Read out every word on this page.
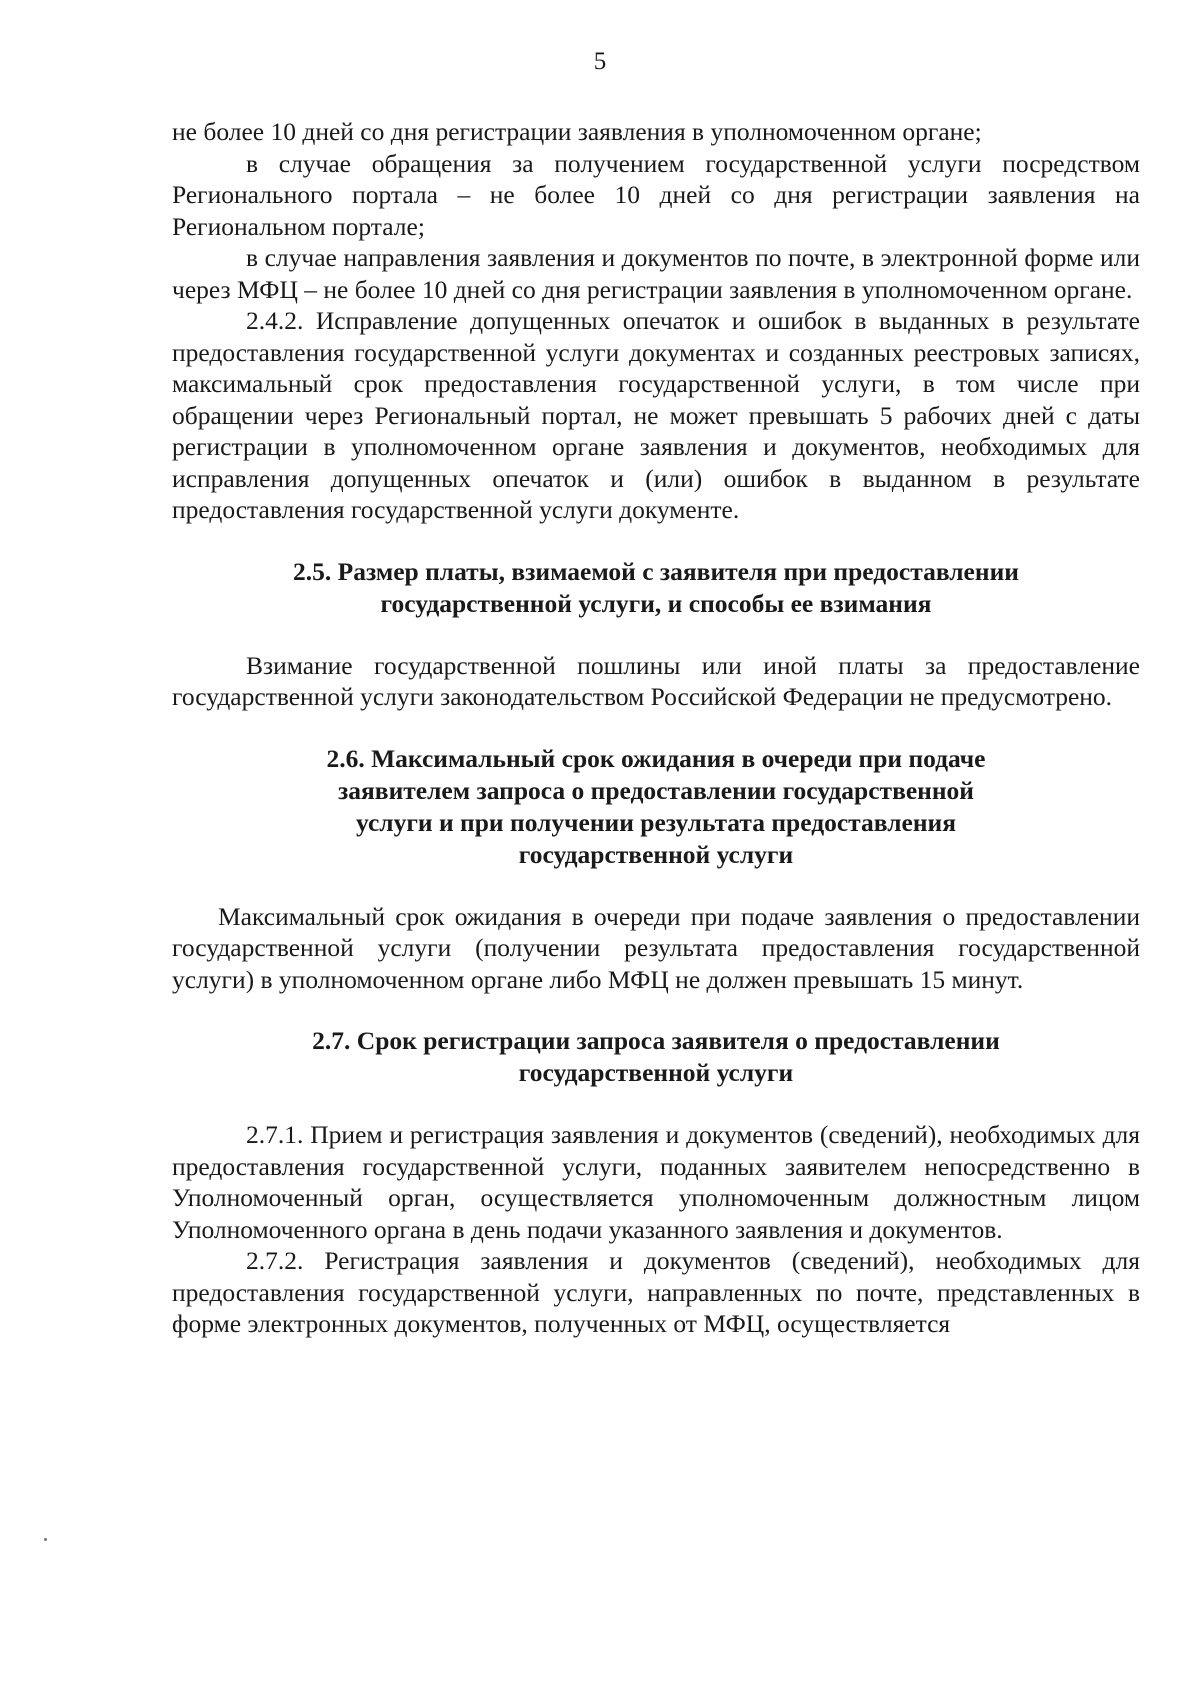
5

не более 10 дней со дня регистрации заявления в уполномоченном органе;

в случае обращения за получением государственной услуги посредством Регионального портала – не более 10 дней со дня регистрации заявления на Региональном портале;

в случае направления заявления и документов по почте, в электронной форме или через МФЦ – не более 10 дней со дня регистрации заявления в уполномоченном органе.

2.4.2. Исправление допущенных опечаток и ошибок в выданных в результате предоставления государственной услуги документах и созданных реестровых записях, максимальный срок предоставления государственной услуги, в том числе при обращении через Региональный портал, не может превышать 5 рабочих дней с даты регистрации в уполномоченном органе заявления и документов, необходимых для исправления допущенных опечаток и (или) ошибок в выданном в результате предоставления государственной услуги документе.

2.5. Размер платы, взимаемой с заявителя при предоставлении
государственной услуги, и способы ее взимания

Взимание государственной пошлины или иной платы за предоставление государственной услуги законодательством Российской Федерации не предусмотрено.

2.6. Максимальный срок ожидания в очереди при подаче
заявителем запроса о предоставлении государственной
услуги и при получении результата предоставления
государственной услуги

Максимальный срок ожидания в очереди при подаче заявления о предоставлении государственной услуги (получении результата предоставления государственной услуги) в уполномоченном органе либо МФЦ не должен превышать 15 минут.

2.7. Срок регистрации запроса заявителя о предоставлении
государственной услуги

2.7.1. Прием и регистрация заявления и документов (сведений), необходимых для предоставления государственной услуги, поданных заявителем непосредственно в Уполномоченный орган, осуществляется уполномоченным должностным лицом Уполномоченного органа в день подачи указанного заявления и документов.

2.7.2. Регистрация заявления и документов (сведений), необходимых для предоставления государственной услуги, направленных по почте, представленных в форме электронных документов, полученных от МФЦ, осуществляется
